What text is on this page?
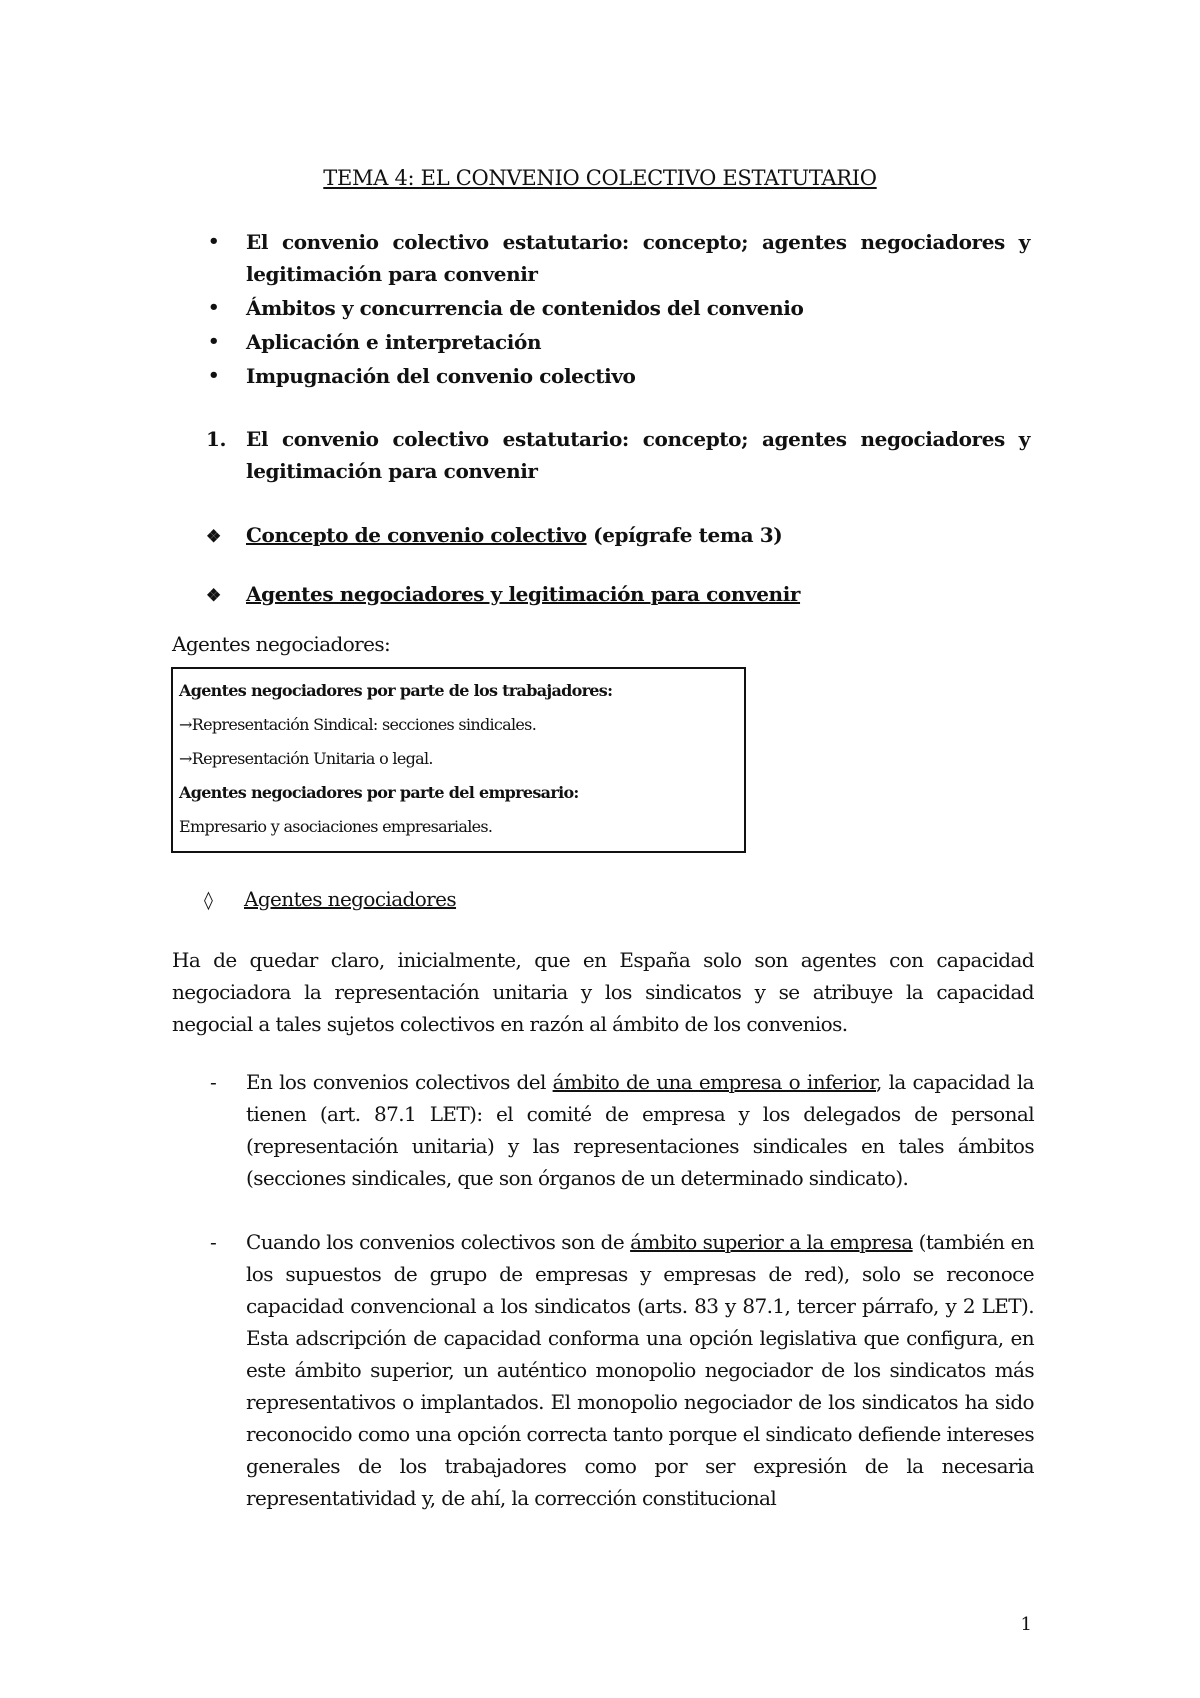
TEMA 4: EL CONVENIO COLECTIVO ESTATUTARIO
• El convenio colectivo estatutario: concepto; agentes negociadores y legitimación para convenir
• Ámbitos y concurrencia de contenidos del convenio
• Aplicación e interpretación
• Impugnación del convenio colectivo
1. El convenio colectivo estatutario: concepto; agentes negociadores y legitimación para convenir
❖ Concepto de convenio colectivo (epígrafe tema 3)
❖ Agentes negociadores y legitimación para convenir
Agentes negociadores:
Agentes negociadores por parte de los trabajadores:
→Representación Sindical: secciones sindicales.
→Representación Unitaria o legal.
Agentes negociadores por parte del empresario:
Empresario y asociaciones empresariales.
◊ Agentes negociadores
Ha de quedar claro, inicialmente, que en España solo son agentes con capacidad negociadora la representación unitaria y los sindicatos y se atribuye la capacidad negocial a tales sujetos colectivos en razón al ámbito de los convenios.
- En los convenios colectivos del ámbito de una empresa o inferior, la capacidad la tienen (art. 87.1 LET): el comité de empresa y los delegados de personal (representación unitaria) y las representaciones sindicales en tales ámbitos (secciones sindicales, que son órganos de un determinado sindicato).
- Cuando los convenios colectivos son de ámbito superior a la empresa (también en los supuestos de grupo de empresas y empresas de red), solo se reconoce capacidad convencional a los sindicatos (arts. 83 y 87.1, tercer párrafo, y 2 LET). Esta adscripción de capacidad conforma una opción legislativa que configura, en este ámbito superior, un auténtico monopolio negociador de los sindicatos más representativos o implantados. El monopolio negociador de los sindicatos ha sido reconocido como una opción correcta tanto porque el sindicato defiende intereses generales de los trabajadores como por ser expresión de la necesaria representatividad y, de ahí, la corrección constitucional
1
